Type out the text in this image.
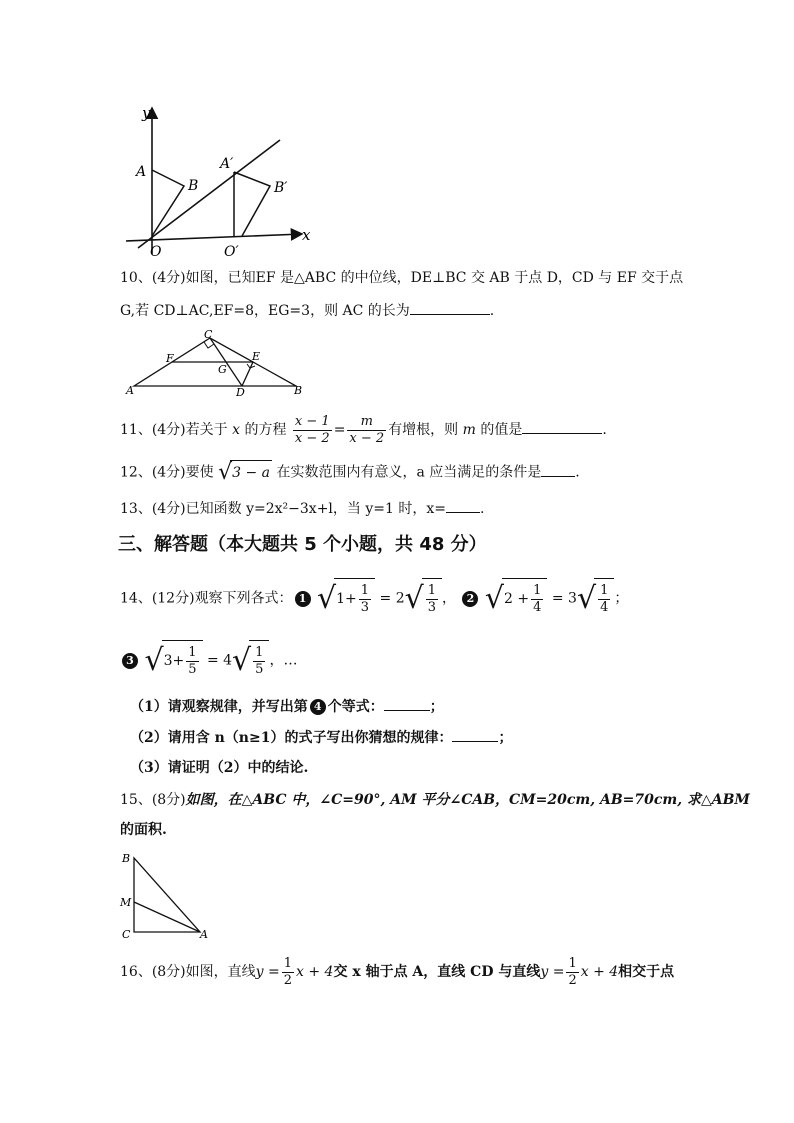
y
x
A
B
O
A′
B′
O′
10、(4分)如图，已知EF 是△ABC 的中位线，DE⊥BC 交 AB 于点 D，CD 与 EF 交于点
G,若 CD⊥AC,EF=8，EG=3，则 AC 的长为	.
C
F	E
G
A	D	B
11、(4分)若关于 x 的方程 $\frac{x - 1}{x - 2} = \frac{m}{x - 2}$ 有增根，则 m 的值是	.
12、(4分)要使 √3 − a 在实数范围内有意义，a 应当满足的条件是 .
13、(4分)已知函数 y=2x²−3x+l，当 y=1 时，x= .
三、解答题（本大题共 5 个小题，共 48 分）
14、(12分)观察下列各式： 1 $√1+ \frac{1}{3} = 2√ \frac{1}{3}$ ， 2 $√2 + \frac{1}{4} = 3√ \frac{1}{4}$ ；
3 $√3+ \frac{1}{5} = 4√ \frac{1}{5}$ ，…
（1）请观察规律，并写出第 4 个等式：	；
（2）请用含 n（n≥1）的式子写出你猜想的规律：	；
（3）请证明（2）中的结论.
15、(8分)如图，在△ABC 中，∠C=90°, AM 平分∠CAB，CM=20cm, AB=70cm, 求△ABM
的面积.
B
M
C	A
16、(8分)如图，直线$y = \frac{1}{2}$ x + 4交 x 轴于点 A，直线 CD 与直线$y = \frac{1}{2}$ x + 4相交于点
